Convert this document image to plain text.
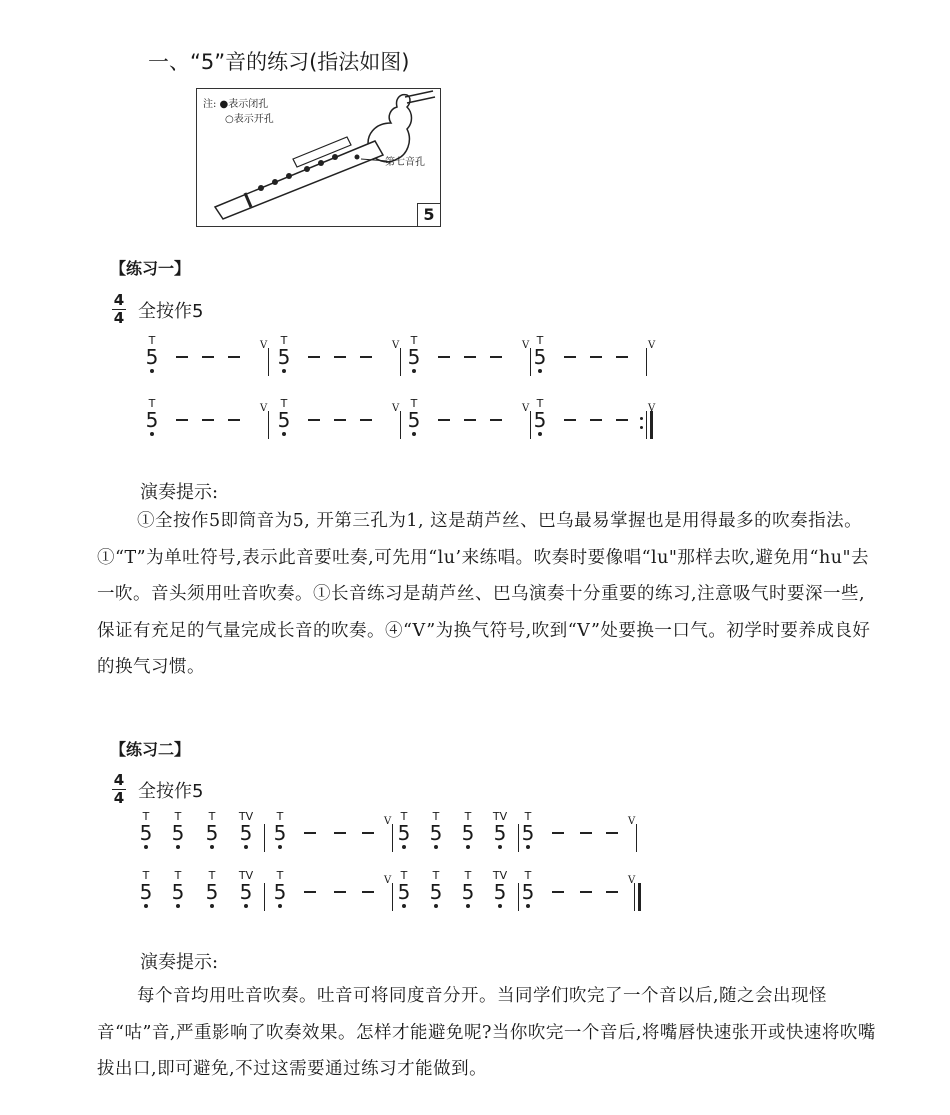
一、“5”音的练习(指法如图)
注: ●表示闭孔
○表示开孔
第七音孔
5
【练习一】
4
4 全按作5
T
5	V	T
5	V	T
5	V T
5	V
T
5	V	T
5	V	T
5	V T
5	V
演奏提示:
①全按作5即筒音为5, 开第三孔为1, 这是葫芦丝、巴乌最易掌握也是用得最多的吹奏指法。①“T”为单吐符号,表示此音要吐奏,可先用“lu’来练唱。吹奏时要像唱“lu"那样去吹,避免用“hu"去一吹。音头须用吐音吹奏。①长音练习是葫芦丝、巴乌演奏十分重要的练习,注意吸气时要深一些,保证有充足的气量完成长音的吹奏。④“V”为换气符号,吹到“V”处要换一口气。初学时要养成良好的换气习惯。
【练习二】
4
4 全按作5
T
5
T
5
T
5
TV
5
T
5	V T
5
T
5
T
5
TV
5
T
5	V
T
5
T
5
T
5
TV
5
T
5	V T
5
T
5
T
5
TV
5
T
5	V
演奏提示:
每个音均用吐音吹奏。吐音可将同度音分开。当同学们吹完了一个音以后,随之会出现怪音“咕”音,严重影响了吹奏效果。怎样才能避免呢?当你吹完一个音后,将嘴唇快速张开或快速将吹嘴拔出口,即可避免,不过这需要通过练习才能做到。
